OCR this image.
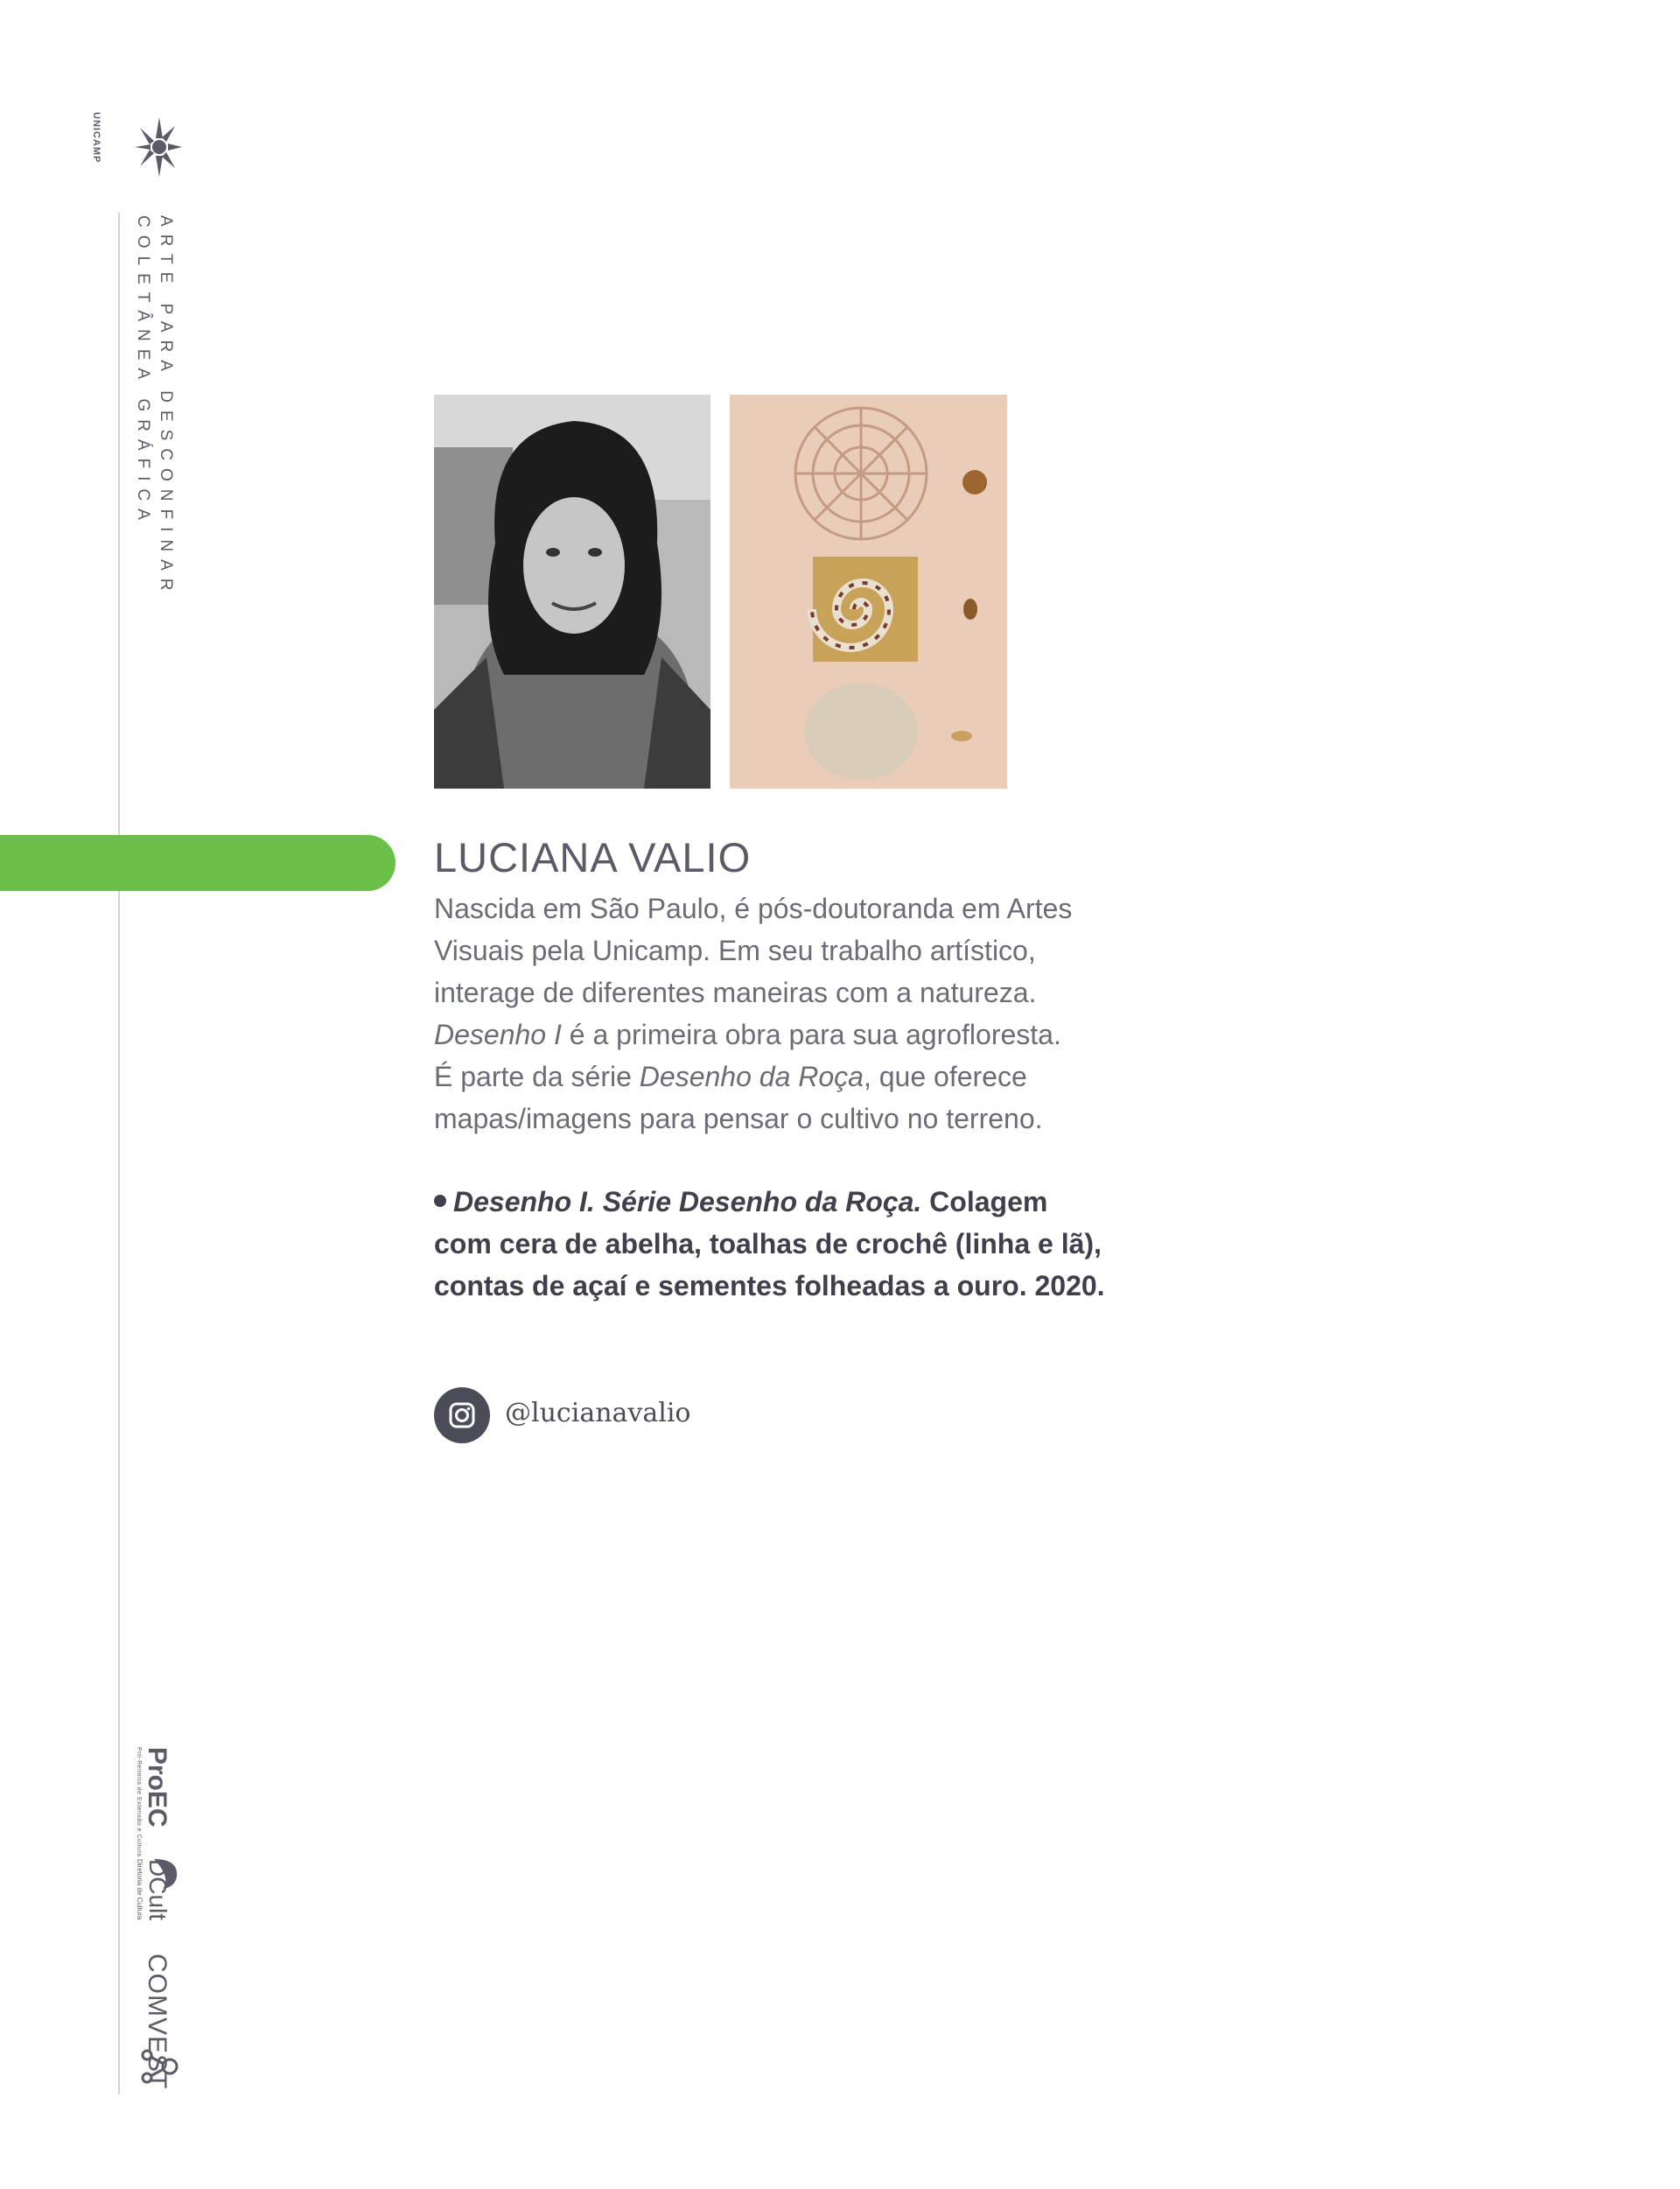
UNICAMP
ARTE PARA DESCONFINAR
COLETÂNEA GRÁFICA
LUCIANA VALIO

Nascida em São Paulo, é pós-doutoranda em Artes

Visuais pela Unicamp. Em seu trabalho artístico,

interage de diferentes maneiras com a natureza.

Desenho I é a primeira obra para sua agrofloresta.

É parte da série Desenho da Roça, que oferece

mapas/imagens para pensar o cultivo no terreno.

Desenho I. Série Desenho da Roça. Colagem

com cera de abelha, toalhas de crochê (linha e lã),

contas de açaí e sementes folheadas a ouro. 2020.

@lucianavalio
ProEC
Pró-Reitoria de Extensão e Cultura
DCult
Diretoria de Cultura
COMVEST
